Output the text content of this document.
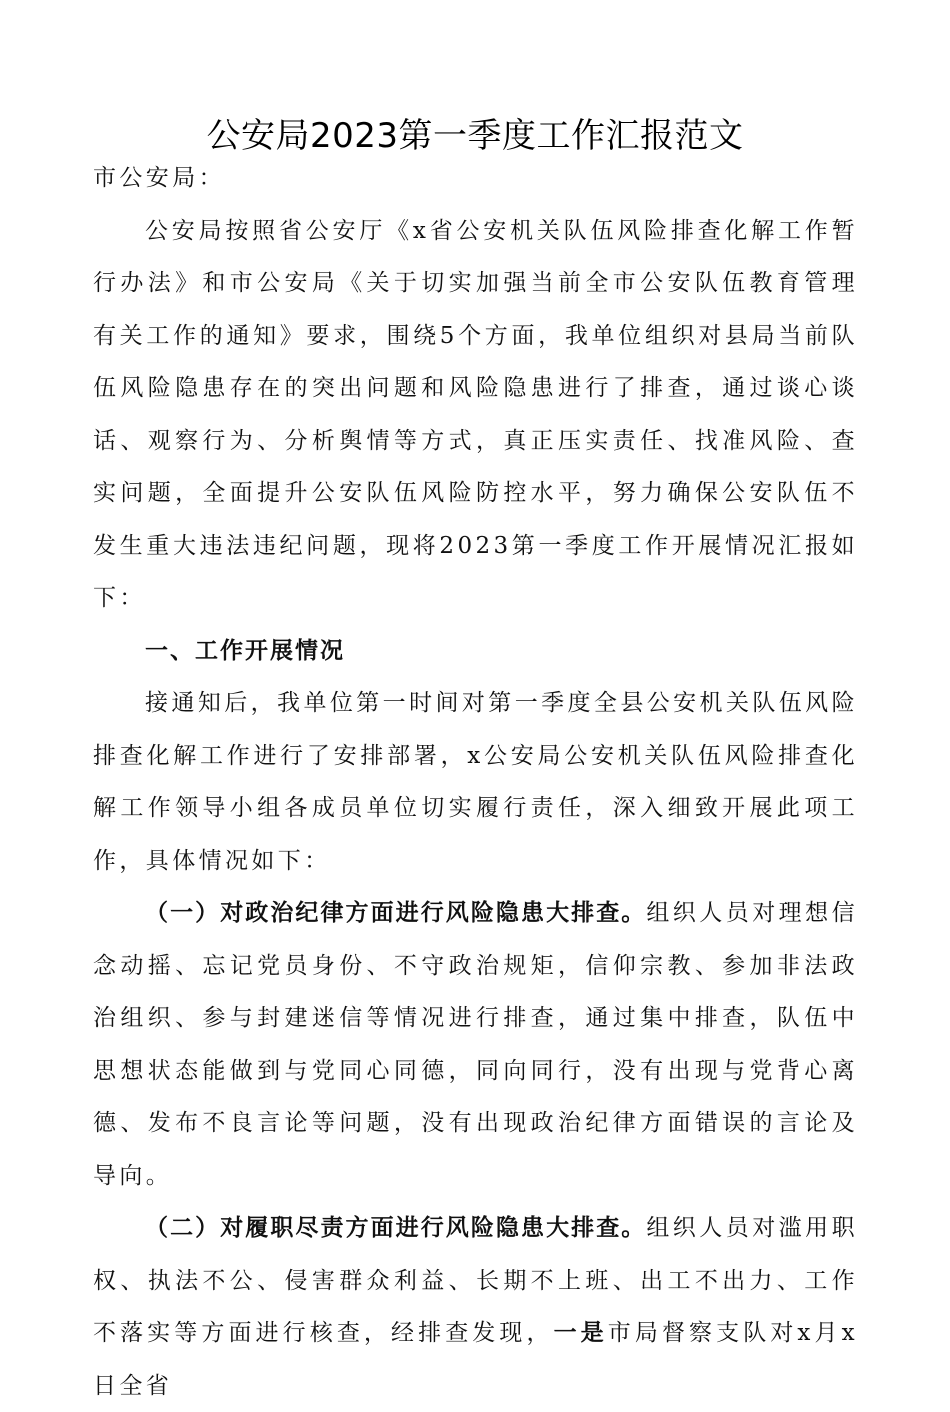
公安局2023第一季度工作汇报范文

市公安局：

公安局按照省公安厅《x省公安机关队伍风险排查化解工作暂行办法》和市公安局《关于切实加强当前全市公安队伍教育管理有关工作的通知》要求，围绕5个方面，我单位组织对县局当前队伍风险隐患存在的突出问题和风险隐患进行了排查，通过谈心谈话、观察行为、分析舆情等方式，真正压实责任、找准风险、查实问题，全面提升公安队伍风险防控水平，努力确保公安队伍不发生重大违法违纪问题，现将2023第一季度工作开展情况汇报如下：

一、工作开展情况

接通知后，我单位第一时间对第一季度全县公安机关队伍风险排查化解工作进行了安排部署，x公安局公安机关队伍风险排查化解工作领导小组各成员单位切实履行责任，深入细致开展此项工作，具体情况如下：

（一）对政治纪律方面进行风险隐患大排查。组织人员对理想信念动摇、忘记党员身份、不守政治规矩，信仰宗教、参加非法政治组织、参与封建迷信等情况进行排查，通过集中排查，队伍中思想状态能做到与党同心同德，同向同行，没有出现与党背心离德、发布不良言论等问题，没有出现政治纪律方面错误的言论及导向。

（二）对履职尽责方面进行风险隐患大排查。组织人员对滥用职权、执法不公、侵害群众利益、长期不上班、出工不出力、工作不落实等方面进行核查，经排查发现，一是市局督察支队对x月x日全省
